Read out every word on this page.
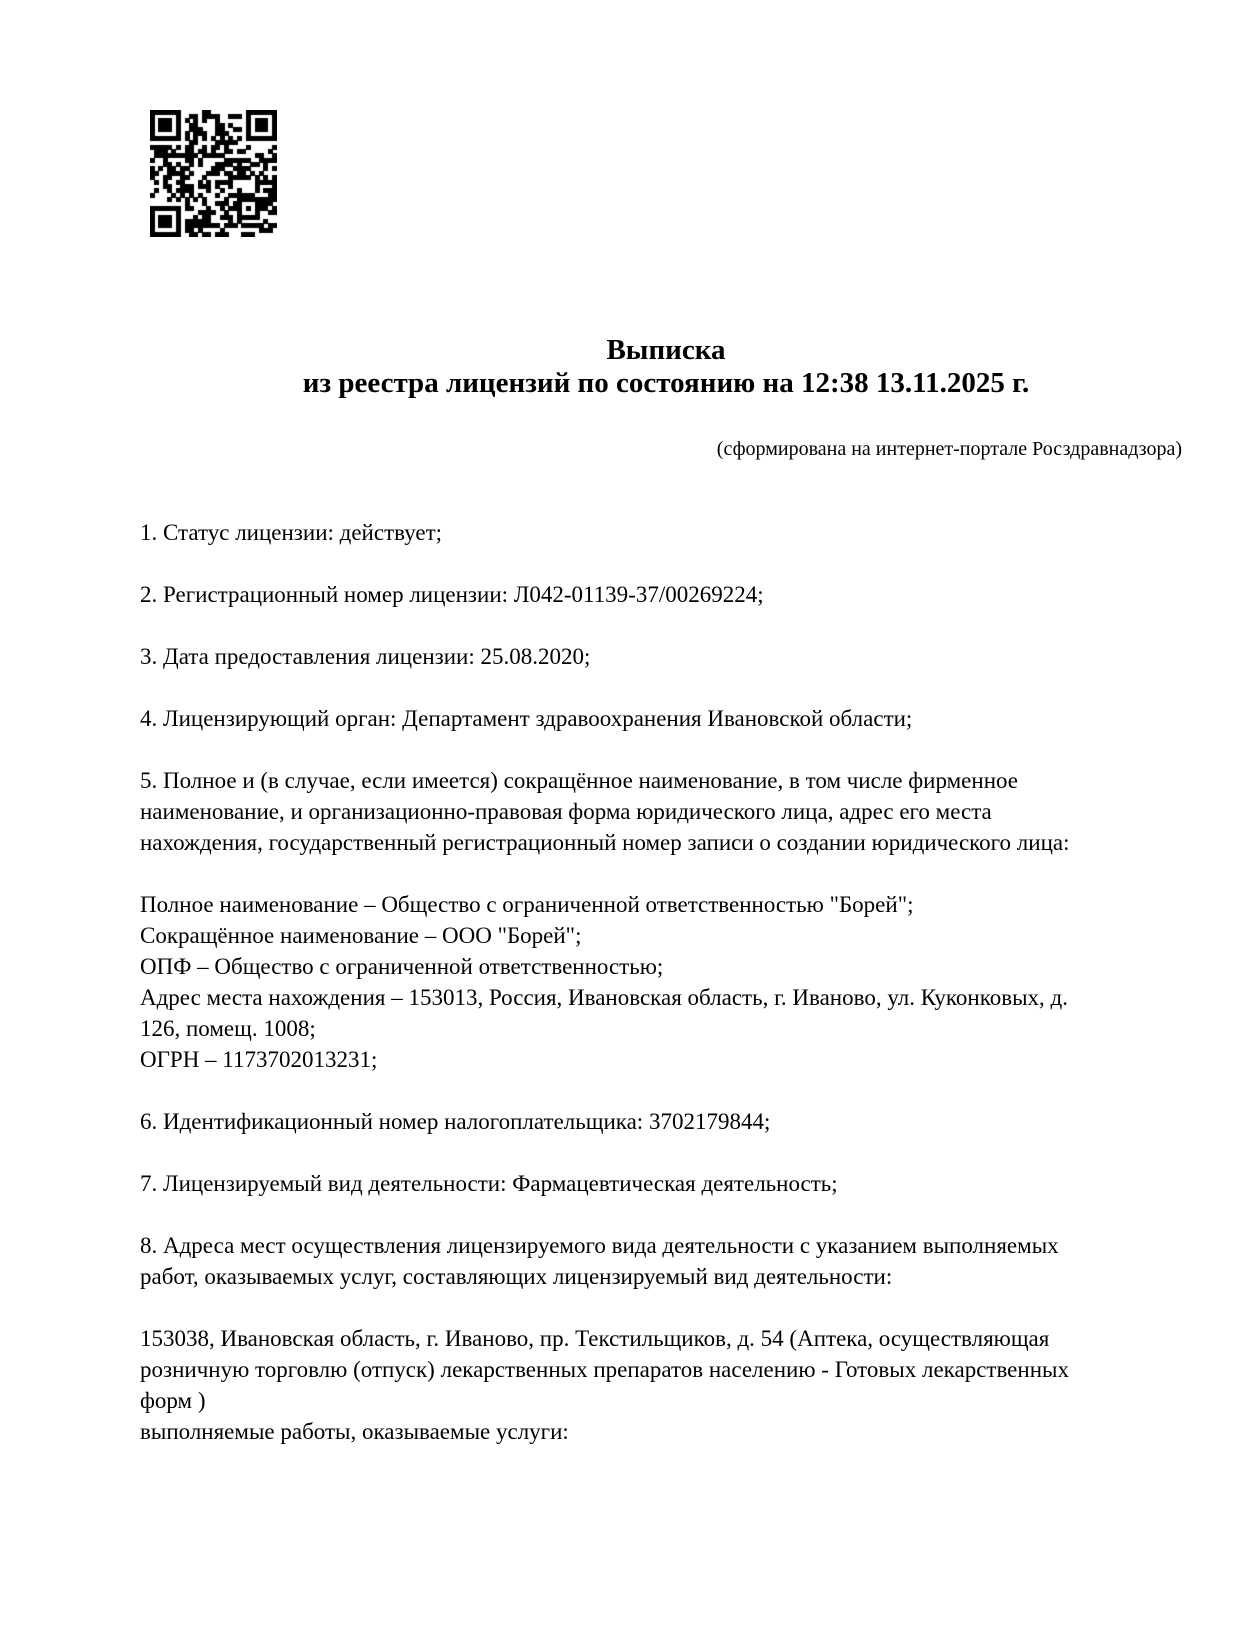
Выписка
из реестра лицензий по состоянию на 12:38 13.11.2025 г.
(сформирована на интернет-портале Росздравнадзора)

1. Статус лицензии: действует;

2. Регистрационный номер лицензии: Л042-01139-37/00269224;

3. Дата предоставления лицензии: 25.08.2020;

4. Лицензирующий орган: Департамент здравоохранения Ивановской области;

5. Полное и (в случае, если имеется) сокращённое наименование, в том числе фирменное
наименование, и организационно-правовая форма юридического лица, адрес его места
нахождения, государственный регистрационный номер записи о создании юридического лица:

Полное наименование – Общество с ограниченной ответственностью "Борей";
Сокращённое наименование – ООО "Борей";
ОПФ – Общество с ограниченной ответственностью;
Адрес места нахождения – 153013, Россия, Ивановская область, г. Иваново, ул. Куконковых, д.
126, помещ. 1008;
ОГРН – 1173702013231;

6. Идентификационный номер налогоплательщика: 3702179844;

7. Лицензируемый вид деятельности: Фармацевтическая деятельность;

8. Адреса мест осуществления лицензируемого вида деятельности с указанием выполняемых
работ, оказываемых услуг, составляющих лицензируемый вид деятельности:

153038, Ивановская область, г. Иваново, пр. Текстильщиков, д. 54 (Аптека, осуществляющая
розничную торговлю (отпуск) лекарственных препаратов населению - Готовых лекарственных
форм )
выполняемые работы, оказываемые услуги:
